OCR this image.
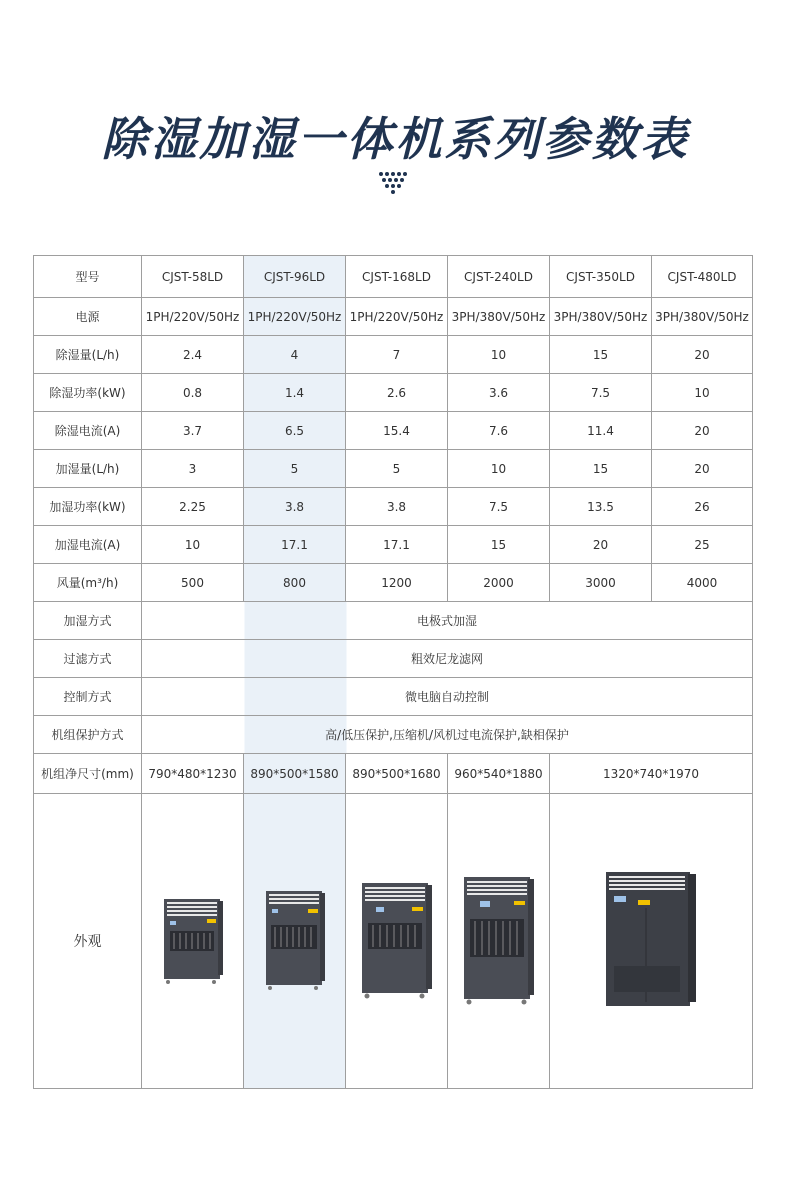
除湿加湿一体机系列参数表
型号	CJST-58LD	CJST-96LD	CJST-168LD	CJST-240LD	CJST-350LD	CJST-480LD
电源	1PH/220V/50Hz	1PH/220V/50Hz	1PH/220V/50Hz	3PH/380V/50Hz	3PH/380V/50Hz	3PH/380V/50Hz
除湿量(L/h)	2.4	4	7	10	15	20
除湿功率(kW)	0.8	1.4	2.6	3.6	7.5	10
除湿电流(A)	3.7	6.5	15.4	7.6	11.4	20
加湿量(L/h)	3	5	5	10	15	20
加湿功率(kW)	2.25	3.8	3.8	7.5	13.5	26
加湿电流(A)	10	17.1	17.1	15	20	25
风量(m³/h)	500	800	1200	2000	3000	4000
加湿方式	电极式加湿					
过滤方式	粗效尼龙滤网					
控制方式	微电脑自动控制					
机组保护方式	高/低压保护,压缩机/风机过电流保护,缺相保护					
机组净尺寸(mm)	790*480*1230	890*500*1580	890*500*1680	960*540*1880	1320*740*1970	
外观	
